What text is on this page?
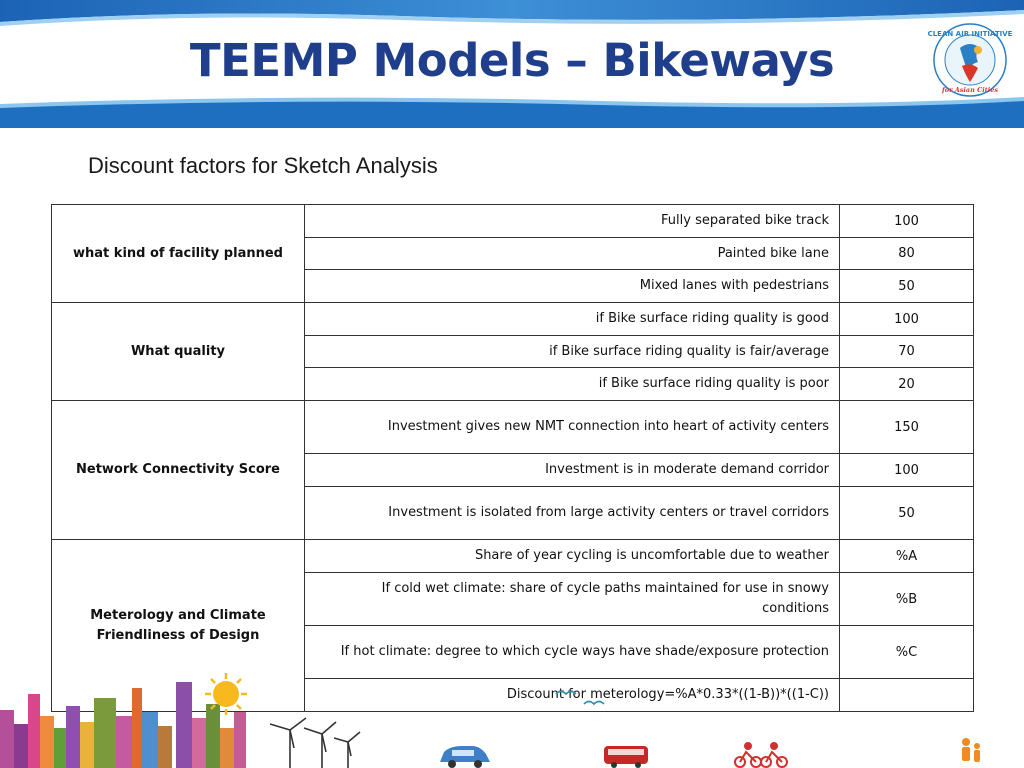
TEEMP Models – Bikeways	CLEAN AIR INITIATIVE
for Asian Cities
Discount factors for Sketch Analysis
what kind of facility planned	Fully separated bike track	100
	Painted bike lane	80
	Mixed lanes with pedestrians	50
What quality	if Bike surface riding quality is good	100
	if Bike surface riding quality is fair/average	70
	if Bike surface riding quality is poor	20
Network Connectivity Score	Investment gives new NMT connection into heart of activity centers	150
	Investment is in moderate demand corridor	100
	Investment is isolated from large activity centers or travel corridors	50
Meterology and Climate Friendliness of Design	Share of year cycling is uncomfortable due to weather	%A
	If cold wet climate: share of cycle paths maintained for use in snowy conditions	%B
	If hot climate: degree to which cycle ways have shade/exposure protection	%C
	Discount for meterology=%A*0.33*((1-B))*((1-C))	
